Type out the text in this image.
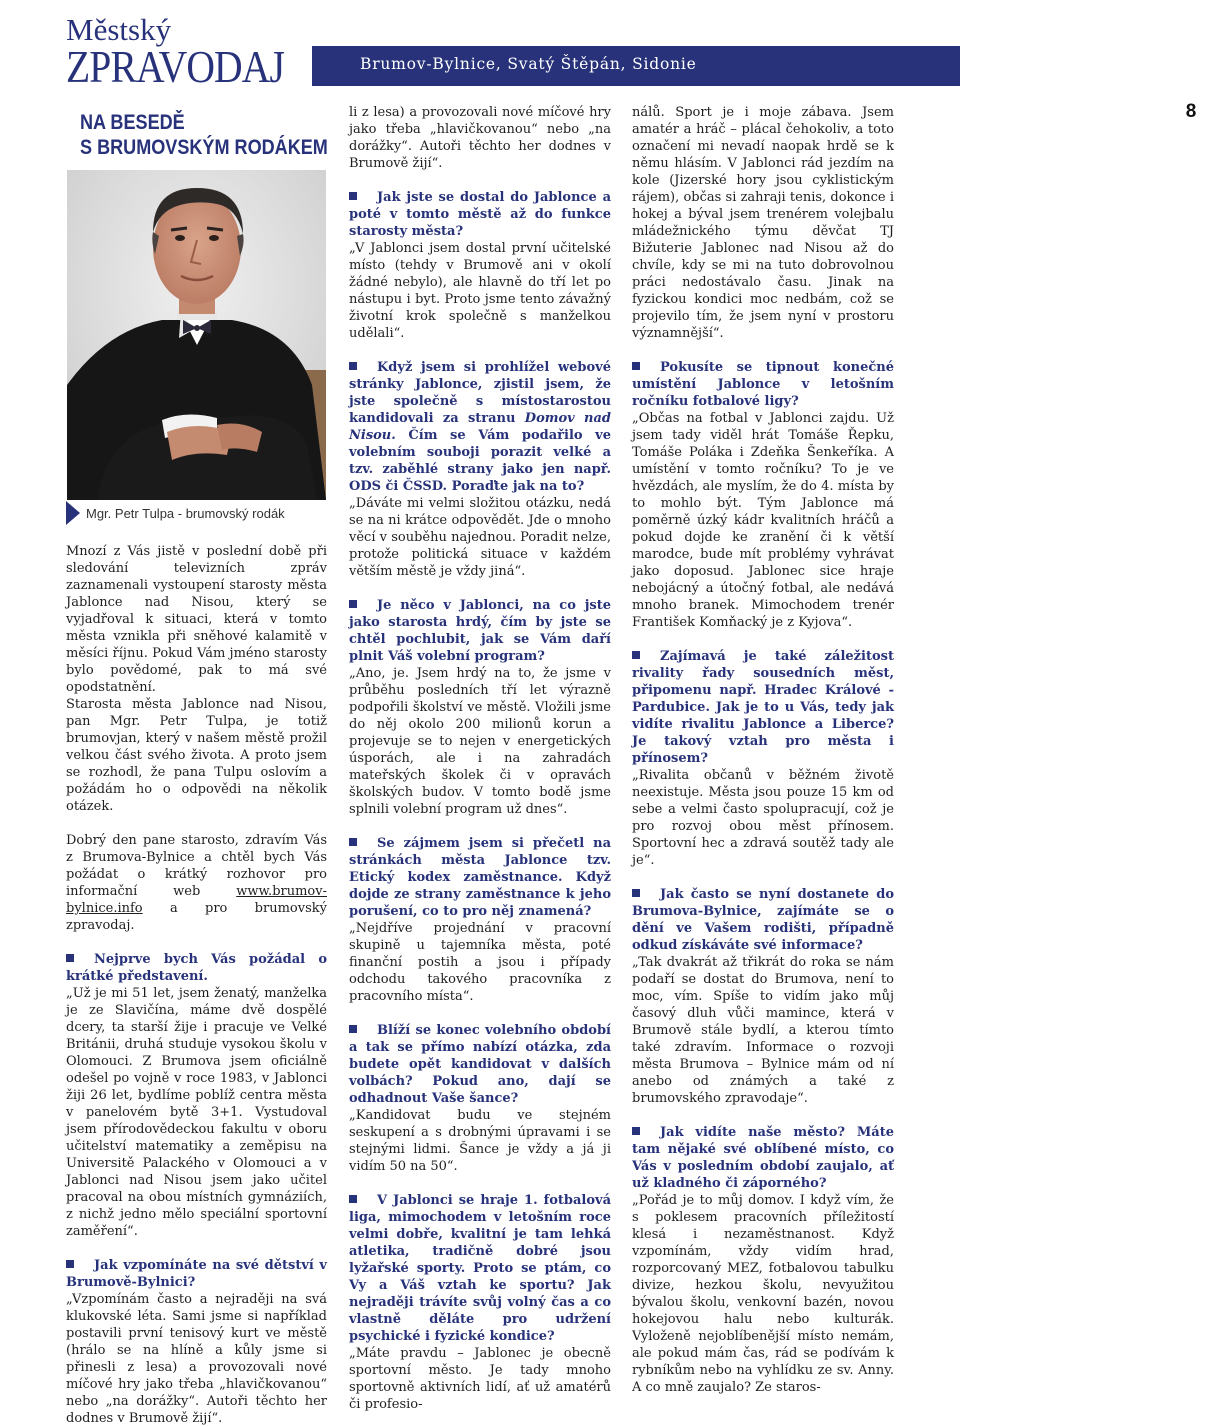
Městský
ZPRAVODAJ	Brumov-Bylnice, Svatý Štěpán, Sidonie
8
NA BESEDĚ
S BRUMOVSKÝM RODÁKEM
Mgr. Petr Tulpa - brumovský rodák

Mnozí z Vás jistě v poslední době při sledování televizních zpráv zaznamenali vystoupení starosty města Jablonce nad Nisou, který se vyjadřoval k situaci, která v tomto města vznikla při sněhové kalamitě v měsíci říjnu. Pokud Vám jméno starosty bylo povědomé, pak to má své opodstatnění.

Starosta města Jablonce nad Nisou, pan Mgr. Petr Tulpa, je totiž brumovjan, který v našem městě prožil velkou část svého života. A proto jsem se rozhodl, že pana Tulpu oslovím a požádám ho o odpovědi na několik otázek.

Dobrý den pane starosto, zdravím Vás z Brumova-Bylnice a chtěl bych Vás požádat o krátký rozhovor pro informační web	www.brumov-bylnice.info a pro brumovský zpravodaj.

Nejprve bych Vás požádal o krátké představení.

„Už je mi 51 let, jsem ženatý, manželka je ze Slavičína, máme dvě dospělé dcery, ta starší žije i pracuje ve Velké Británii, druhá studuje vysokou školu v Olomouci. Z Brumova jsem oficiálně odešel po vojně v roce 1983, v Jablonci žiji 26 let, bydlíme poblíž centra města v panelovém bytě 3+1. Vystudoval jsem přírodovědeckou fakultu v oboru učitelství matematiky a zeměpisu na Universitě Palackého v Olomouci a v Jablonci nad Nisou jsem jako učitel pracoval na obou místních gymnáziích, z nichž jedno mělo speciální sportovní zaměření“.

Jak vzpomínáte na své dětství v Brumově-Bylnici?

„Vzpomínám často a nejraději na svá klukovské léta. Sami jsme si například postavili první tenisový kurt ve městě (hrálo se na hlíně a kůly jsme si přinesli z lesa) a provozovali nové míčové hry jako třeba „hlavičkovanou“ nebo „na dorážky“. Autoři těchto her dodnes v Brumově žijí“.

li z lesa) a provozovali nové míčové hry jako třeba „hlavičkovanou“ nebo „na dorážky“. Autoři těchto her dodnes v Brumově žijí“.

Jak jste se dostal do Jablonce a poté v tomto městě až do funkce starosty města?

„V Jablonci jsem dostal první učitelské místo (tehdy v Brumově ani v okolí žádné nebylo), ale hlavně do tří let po nástupu i byt. Proto jsme tento závažný životní krok společně s manželkou udělali“.

Když jsem si prohlížel webové stránky Jablonce, zjistil jsem, že jste společně s místostarostou kandidovali za stranu Domov nad Nisou. Čím se Vám podařilo ve volebním souboji porazit velké a tzv. zaběhlé strany jako jen např. ODS či ČSSD. Poraďte jak na to?

„Dáváte mi velmi složitou otázku, nedá se na ni krátce odpovědět. Jde o mnoho věcí v souběhu najednou. Poradit nelze, protože politická situace v každém větším městě je vždy jiná“.

Je něco v Jablonci, na co jste jako starosta hrdý, čím by jste se chtěl pochlubit, jak se Vám daří plnit Váš volební program?

„Ano, je. Jsem hrdý na to, že jsme v průběhu posledních tří let výrazně podpořili školství ve městě. Vložili jsme do něj okolo 200 milionů korun a projevuje se to nejen v energetických úsporách, ale i na zahradách mateřských školek či v opravách školských budov. V tomto bodě jsme splnili volební program už dnes“.

Se zájmem jsem si přečetl na stránkách města Jablonce tzv. Etický kodex zaměstnance. Když dojde ze strany zaměstnance k jeho porušení, co to pro něj znamená?

„Nejdříve projednání v pracovní skupině u tajemníka města, poté finanční postih a jsou i případy odchodu takového pracovníka z pracovního místa“.

Blíží se konec volebního období a tak se přímo nabízí otázka, zda budete opět kandidovat v dalších volbách? Pokud ano, dají se odhadnout Vaše šance?

„Kandidovat budu ve stejném seskupení a s drobnými úpravami i se stejnými lidmi. Šance je vždy a já ji vidím 50 na 50“.

V Jablonci se hraje 1. fotbalová liga, mimochodem v letošním roce velmi dobře, kvalitní je tam lehká atletika, tradičně dobré jsou lyžařské sporty. Proto se ptám, co Vy a Váš vztah ke sportu? Jak nejraději trávíte svůj volný čas a co vlastně děláte pro udržení psychické i fyzické kondice?

„Máte pravdu – Jablonec je obecně sportovní město. Je tady mnoho sportovně aktivních lidí, ať už amatérů či profesio-

nálů. Sport je i moje zábava. Jsem amatér a hráč – plácal čehokoliv, a toto označení mi nevadí naopak hrdě se k němu hlásím. V Jablonci rád jezdím na kole (Jizerské hory jsou cyklistickým rájem), občas si zahraji tenis, dokonce i hokej a býval jsem trenérem volejbalu mládežnického týmu děvčat TJ Bižuterie Jablonec nad Nisou až do chvíle, kdy se mi na tuto dobrovolnou práci nedostávalo času. Jinak na fyzickou kondici moc nedbám, což se projevilo tím, že jsem nyní v prostoru významnější“.

Pokusíte se tipnout konečné umístění Jablonce v letošním ročníku fotbalové ligy?

„Občas na fotbal v Jablonci zajdu. Už jsem tady viděl hrát Tomáše Řepku, Tomáše Poláka i Zdeňka Šenkeříka. A umístění v tomto ročníku? To je ve hvězdách, ale myslím, že do 4. místa by to mohlo být. Tým Jablonce má poměrně úzký kádr kvalitních hráčů a pokud dojde ke zranění či k větší marodce, bude mít problémy vyhrávat jako doposud. Jablonec sice hraje nebojácný a útočný fotbal, ale nedává mnoho branek. Mimochodem trenér František Komňacký je z Kyjova“.

Zajímavá je také záležitost rivality řady sousedních měst, připomenu např. Hradec Králové - Pardubice. Jak je to u Vás, tedy jak vidíte rivalitu Jablonce a Liberce? Je takový vztah pro města i přínosem?

„Rivalita občanů v běžném životě neexistuje. Města jsou pouze 15 km od sebe a velmi často spolupracují, což je pro rozvoj obou měst přínosem. Sportovní hec a zdravá soutěž tady ale je“.

Jak často se nyní dostanete do Brumova-Bylnice, zajímáte se o dění ve Vašem rodišti, případně odkud získáváte své informace?

„Tak dvakrát až třikrát do roka se nám podaří se dostat do Brumova, není to moc, vím. Spíše to vidím jako můj časový dluh vůči mamince, která v Brumově stále bydlí, a kterou tímto také zdravím. Informace o rozvoji města Brumova – Bylnice mám od ní anebo od známých a také z brumovského zpravodaje“.

Jak vidíte naše město? Máte tam nějaké své oblíbené místo, co Vás v posledním období zaujalo, ať už kladného či záporného?

„Pořád je to můj domov. I když vím, že s poklesem pracovních příležitostí klesá i nezaměstnanost. Když vzpomínám, vždy vidím hrad, rozporcovaný MEZ, fotbalovou tabulku divize, hezkou školu, nevyužitou bývalou školu, venkovní bazén, novou hokejovou halu nebo kulturák. Vyloženě nejoblíbenější místo nemám, ale pokud mám čas, rád se podívám k rybníkům nebo na vyhlídku ze sv. Anny. A co mně zaujalo? Ze staros-
